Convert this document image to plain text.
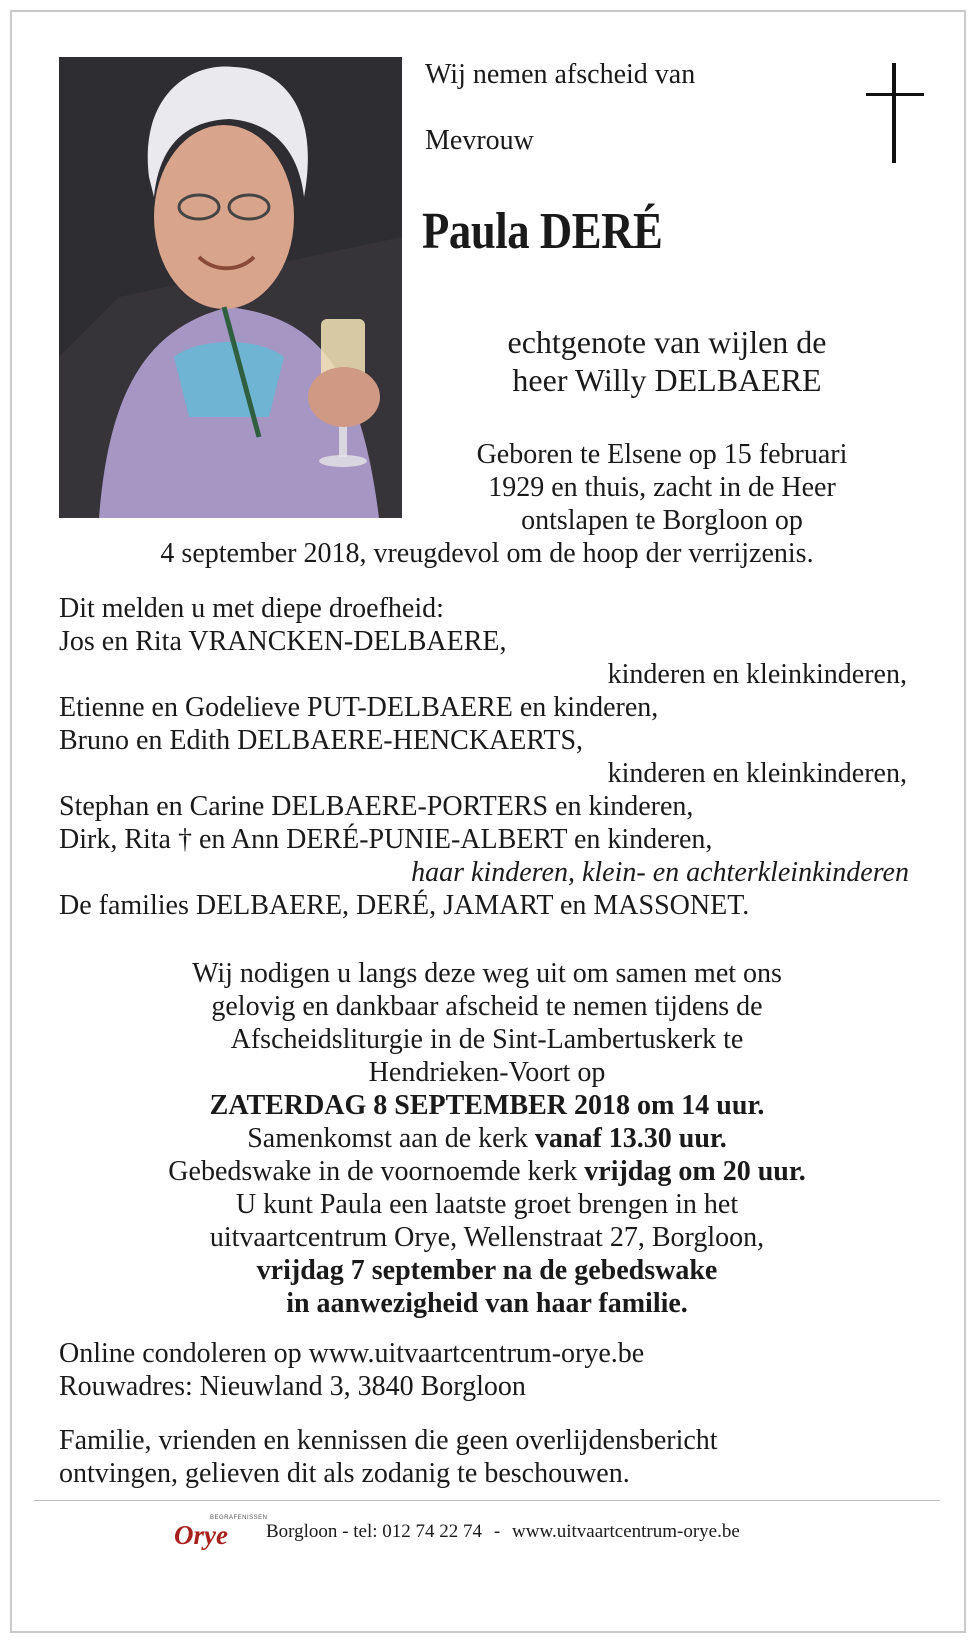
Wij nemen afscheid van
Mevrouw
Paula DERÉ
echtgenote van wijlen de
heer Willy DELBAERE
Geboren te Elsene op 15 februari
1929 en thuis, zacht in de Heer
ontslapen te Borgloon op
4 september 2018, vreugdevol om de hoop der verrijzenis.
Dit melden u met diepe droefheid:
Jos en Rita VRANCKEN-DELBAERE,
kinderen en kleinkinderen,
Etienne en Godelieve PUT-DELBAERE en kinderen,
Bruno en Edith DELBAERE-HENCKAERTS,
kinderen en kleinkinderen,
Stephan en Carine DELBAERE-PORTERS en kinderen,
Dirk, Rita † en Ann DERÉ-PUNIE-ALBERT en kinderen,
haar kinderen, klein- en achterkleinkinderen
De families DELBAERE, DERÉ, JAMART en MASSONET.
Wij nodigen u langs deze weg uit om samen met ons
gelovig en dankbaar afscheid te nemen tijdens de
Afscheidsliturgie in de Sint-Lambertuskerk te
Hendrieken-Voort op
ZATERDAG 8 SEPTEMBER 2018 om 14 uur.
Samenkomst aan de kerk vanaf 13.30 uur.
Gebedswake in de voornoemde kerk vrijdag om 20 uur.
U kunt Paula een laatste groet brengen in het
uitvaartcentrum Orye, Wellenstraat 27, Borgloon,
vrijdag 7 september na de gebedswake
in aanwezigheid van haar familie.
Online condoleren op www.uitvaartcentrum-orye.be
Rouwadres: Nieuwland 3, 3840 Borgloon
Familie, vrienden en kennissen die geen overlijdensbericht
ontvingen, gelieven dit als zodanig te beschouwen.
BEGRAFENISSEN
Orye Borgloon - tel: 012 74 22 74 - www.uitvaartcentrum-orye.be
